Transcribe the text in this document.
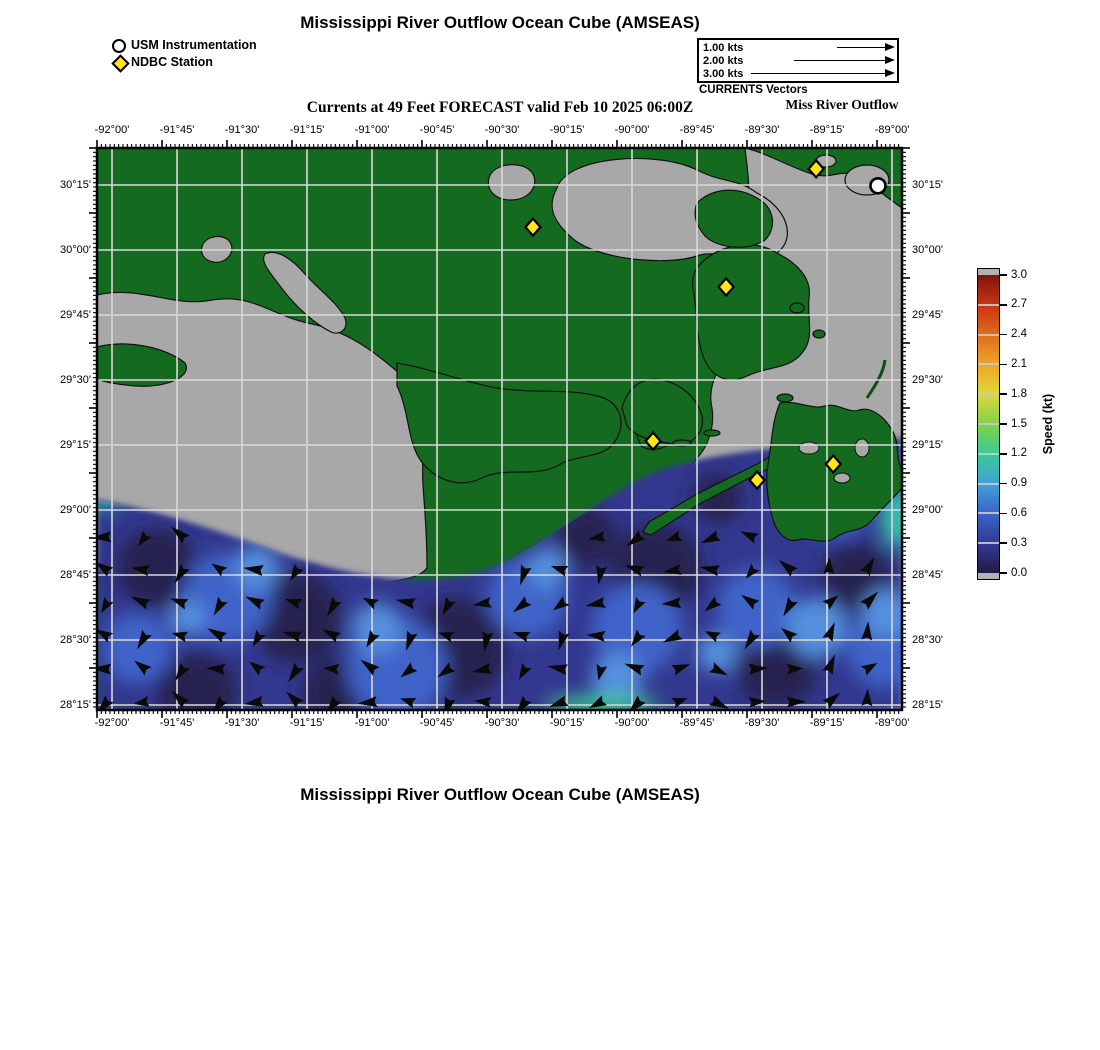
Mississippi River Outflow Ocean Cube (AMSEAS)
Currents at 49 Feet FORECAST valid Feb 10 2025 06:00Z
USM Instrumentation
NDBC Station
1.00 kts
2.00 kts
3.00 kts
CURRENTS Vectors
Miss River Outflow
-92°00'
-92°00'
-91°45'
-91°45'
-91°30'
-91°30'
-91°15'
-91°15'
-91°00'
-91°00'
-90°45'
-90°45'
-90°30'
-90°30'
-90°15'
-90°15'
-90°00'
-90°00'
-89°45'
-89°45'
-89°30'
-89°30'
-89°15'
-89°15'
-89°00'
-89°00'
30°15'	30°15'
30°00'	30°00'
29°45'	29°45'
29°30'	29°30'
29°15'	29°15'
29°00'	29°00'
28°45'	28°45'
28°30'	28°30'
28°15'	28°15'
0.0
0.3
0.6
0.9
1.2
1.5
1.8
2.1
2.4
2.7
3.0
Speed (kt)
Mississippi River Outflow Ocean Cube (AMSEAS)
